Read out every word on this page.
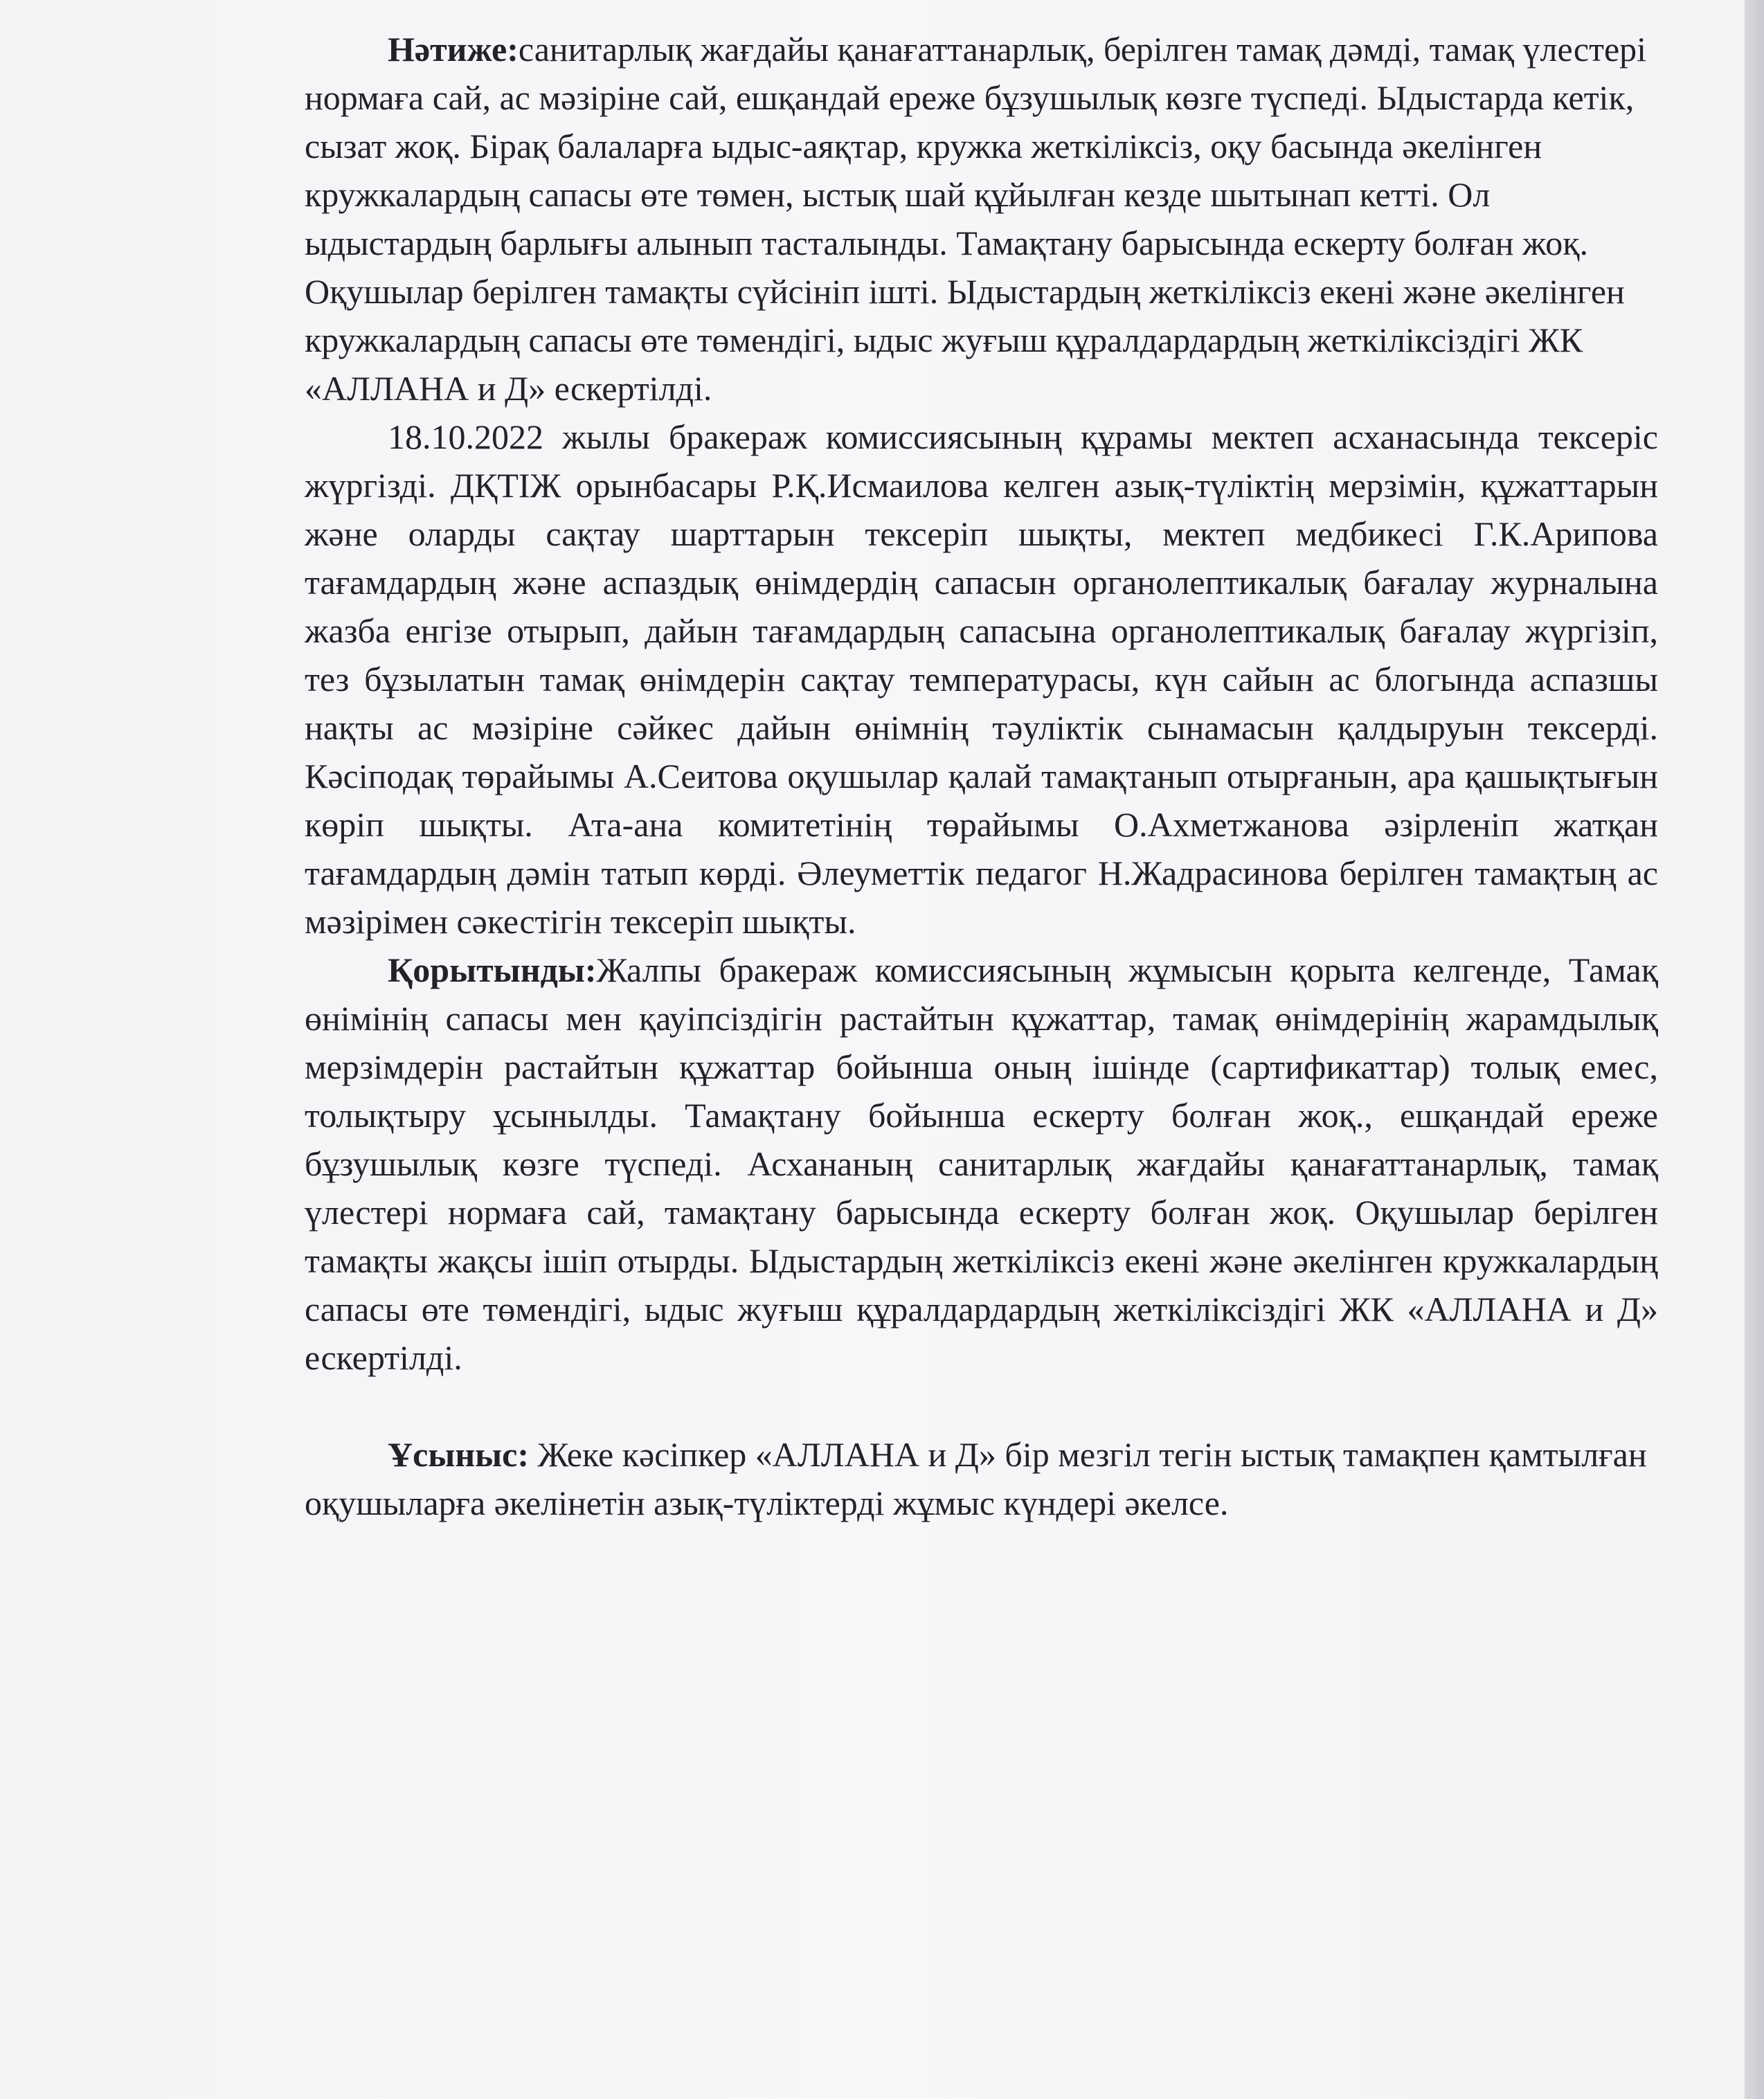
Нәтиже:санитарлық жағдайы қанағаттанарлық, берілген тамақ дәмді, тамақ үлестері нормаға сай, ас мәзіріне сай, ешқандай ереже бұзушылық көзге түспеді. Ыдыстарда кетік, сызат жоқ. Бірақ балаларға ыдыс-аяқтар, кружка жеткіліксіз, оқу басында әкелінген кружкалардың сапасы өте төмен, ыстық шай құйылған кезде шытынап кетті. Ол ыдыстардың барлығы алынып тасталынды. Тамақтану барысында ескерту болған жоқ. Оқушылар берілген тамақты сүйсініп ішті. Ыдыстардың жеткіліксіз екені және әкелінген кружкалардың сапасы өте төмендігі, ыдыс жуғыш құралдардардың жеткіліксіздігі ЖК «АЛЛАНА и Д» ескертілді.

18.10.2022 жылы бракераж комиссиясының құрамы мектеп асханасында тексеріс жүргізді. ДҚТІЖ орынбасары Р.Қ.Исмаилова келген азық-түліктің мерзімін, құжаттарын және оларды сақтау шарттарын тексеріп шықты, мектеп медбикесі Г.К.Арипова тағамдардың және аспаздық өнімдердің сапасын органолептикалық бағалау журналына жазба енгізе отырып, дайын тағамдардың сапасына органолептикалық бағалау жүргізіп, тез бұзылатын тамақ өнімдерін сақтау температурасы, күн сайын ас блогында аспазшы нақты ас мәзіріне сәйкес дайын өнімнің тәуліктік сынамасын қалдыруын тексерді. Кәсіподақ төрайымы А.Сеитова оқушылар қалай тамақтанып отырғанын, ара қашықтығын көріп шықты. Ата-ана комитетінің төрайымы О.Ахметжанова әзірленіп жатқан тағамдардың дәмін татып көрді. Әлеуметтік педагог Н.Жадрасинова берілген тамақтың ас мәзірімен сәкестігін тексеріп шықты.

Қорытынды:Жалпы бракераж комиссиясының жұмысын қорыта келгенде, Тамақ өнімінің сапасы мен қауіпсіздігін растайтын құжаттар, тамақ өнімдерінің жарамдылық мерзімдерін растайтын құжаттар бойынша оның ішінде (сартификаттар) толық емес, толықтыру ұсынылды. Тамақтану бойынша ескерту болған жоқ., ешқандай ереже бұзушылық көзге түспеді. Асхананың санитарлық жағдайы қанағаттанарлық, тамақ үлестері нормаға сай, тамақтану барысында ескерту болған жоқ. Оқушылар берілген тамақты жақсы ішіп отырды. Ыдыстардың жеткіліксіз екені және әкелінген кружкалардың сапасы өте төмендігі, ыдыс жуғыш құралдардардың жеткіліксіздігі ЖК «АЛЛАНА и Д» ескертілді.

Ұсыныс: Жеке кәсіпкер «АЛЛАНА и Д» бір мезгіл тегін ыстық тамақпен қамтылған оқушыларға әкелінетін азық-түліктерді жұмыс күндері әкелсе.
